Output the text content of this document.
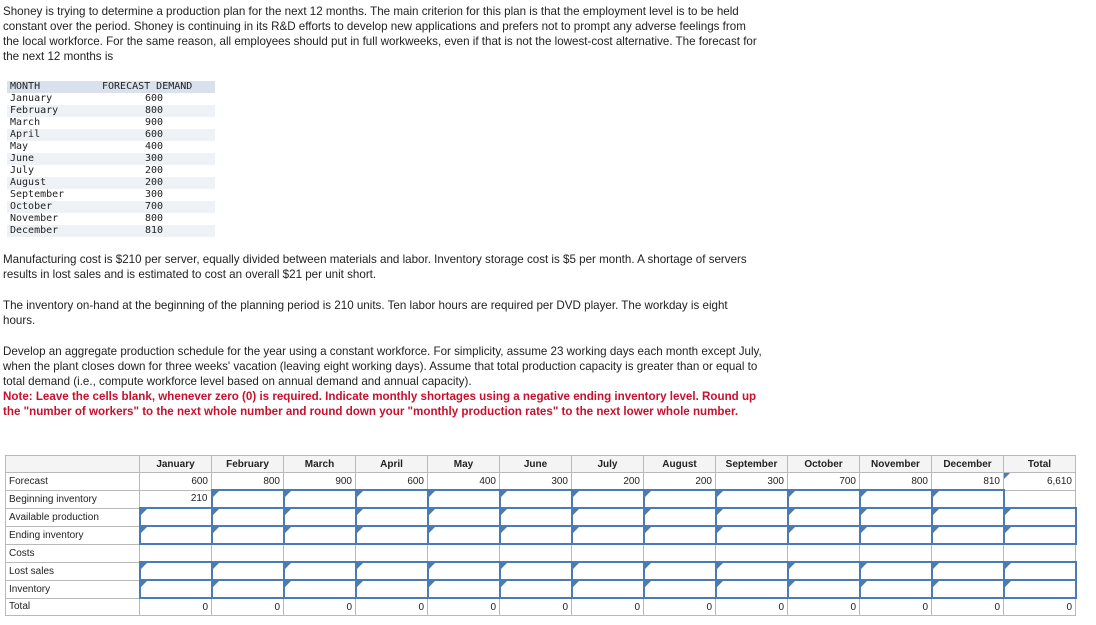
Shoney is trying to determine a production plan for the next 12 months. The main criterion for this plan is that the employment level is to be held constant over the period. Shoney is continuing in its R&D efforts to develop new applications and prefers not to prompt any adverse feelings from the local workforce. For the same reason, all employees should put in full workweeks, even if that is not the lowest-cost alternative. The forecast for the next 12 months is

MONTH	FORECAST DEMAND
January	600
February	800
March	900
April	600
May	400
June	300
July	200
August	200
September	300
October	700
November	800
December	810

Manufacturing cost is $210 per server, equally divided between materials and labor. Inventory storage cost is $5 per month. A shortage of servers results in lost sales and is estimated to cost an overall $21 per unit short.

The inventory on-hand at the beginning of the planning period is 210 units. Ten labor hours are required per DVD player. The workday is eight hours.

Develop an aggregate production schedule for the year using a constant workforce. For simplicity, assume 23 working days each month except July, when the plant closes down for three weeks' vacation (leaving eight working days). Assume that total production capacity is greater than or equal to total demand (i.e., compute workforce level based on annual demand and annual capacity).

Note: Leave the cells blank, whenever zero (0) is required. Indicate monthly shortages using a negative ending inventory level. Round up the "number of workers" to the next whole number and round down your "monthly production rates" to the next lower whole number.

	January	February	March	April	May	June	July	August	September	October	November	December	Total
Forecast	600	800	900	600	400	300	200	200	300	700	800	810	6,610
Beginning inventory	210												
Available production													
Ending inventory													
Costs													
Lost sales													
Inventory													
Total	0	0	0	0	0	0	0	0	0	0	0	0	0
